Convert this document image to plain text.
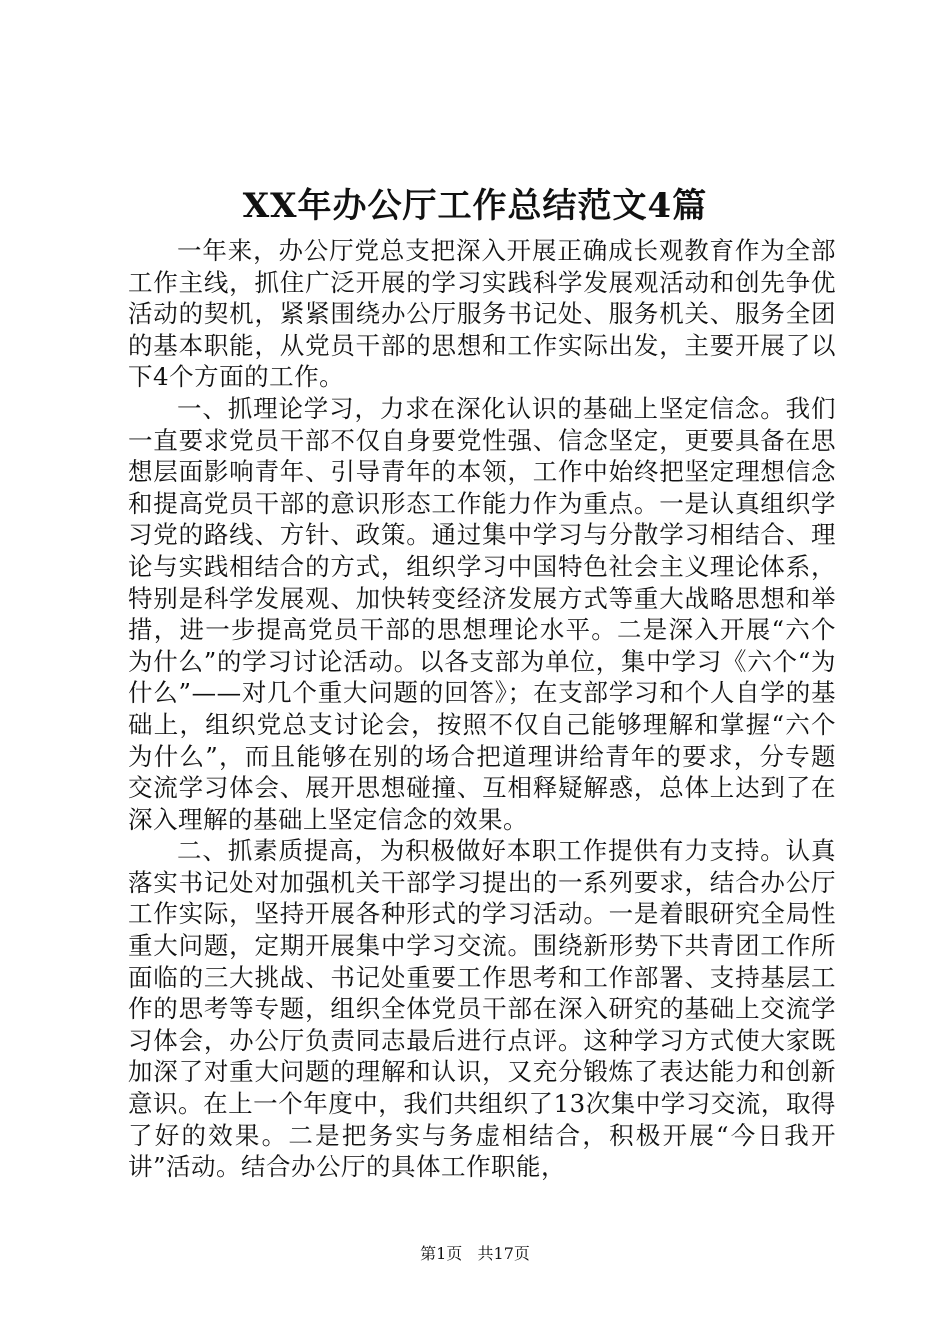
XX年办公厅工作总结范文4篇

一年来，办公厅党总支把深入开展正确成长观教育作为全部工作主线，抓住广泛开展的学习实践科学发展观活动和创先争优活动的契机，紧紧围绕办公厅服务书记处、服务机关、服务全团的基本职能，从党员干部的思想和工作实际出发，主要开展了以下4个方面的工作。

一、抓理论学习，力求在深化认识的基础上坚定信念。我们一直要求党员干部不仅自身要党性强、信念坚定，更要具备在思想层面影响青年、引导青年的本领，工作中始终把坚定理想信念和提高党员干部的意识形态工作能力作为重点。一是认真组织学习党的路线、方针、政策。通过集中学习与分散学习相结合、理论与实践相结合的方式，组织学习中国特色社会主义理论体系，特别是科学发展观、加快转变经济发展方式等重大战略思想和举措，进一步提高党员干部的思想理论水平。二是深入开展“六个为什么”的学习讨论活动。以各支部为单位，集中学习《六个“为什么”——对几个重大问题的回答》；在支部学习和个人自学的基础上，组织党总支讨论会，按照不仅自己能够理解和掌握“六个为什么”，而且能够在别的场合把道理讲给青年的要求，分专题交流学习体会、展开思想碰撞、互相释疑解惑，总体上达到了在深入理解的基础上坚定信念的效果。

二、抓素质提高，为积极做好本职工作提供有力支持。认真落实书记处对加强机关干部学习提出的一系列要求，结合办公厅工作实际，坚持开展各种形式的学习活动。一是着眼研究全局性重大问题，定期开展集中学习交流。围绕新形势下共青团工作所面临的三大挑战、书记处重要工作思考和工作部署、支持基层工作的思考等专题，组织全体党员干部在深入研究的基础上交流学习体会，办公厅负责同志最后进行点评。这种学习方式使大家既加深了对重大问题的理解和认识，又充分锻炼了表达能力和创新意识。在上一个年度中，我们共组织了13次集中学习交流，取得了好的效果。二是把务实与务虚相结合，积极开展“今日我开讲”活动。结合办公厅的具体工作职能，

第1页 共17页
